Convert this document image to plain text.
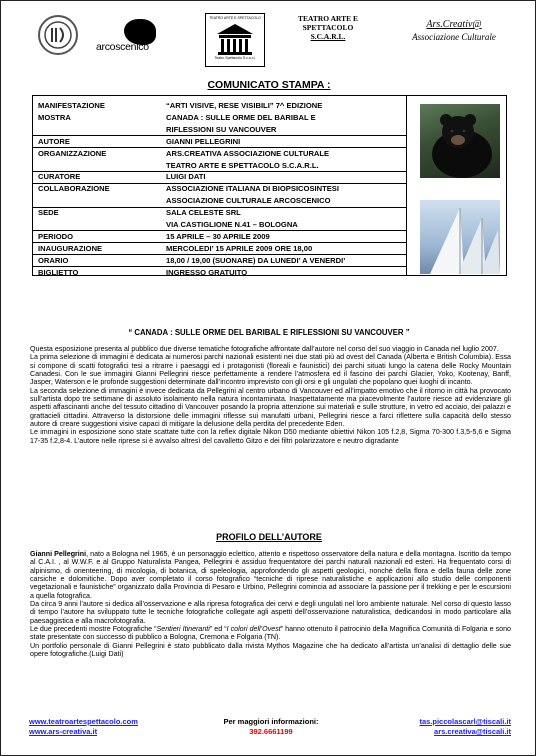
arcoscenico
TEATRO ARTE E SPETTACOLO
Teatro Spettacolo S.c.a.r.l.
TEATRO ARTE E
SPETTACOLO
S.C.A.R.L.
Ars.Creativ@
Associazione Culturale
COMUNICATO STAMPA :
MANIFESTAZIONE	“ARTI VISIVE, RESE VISIBILI” 7^ EDIZIONE
MOSTRA	CANADA : SULLE ORME DEL BARIBAL E
RIFLESSIONI SU VANCOUVER
AUTORE	GIANNI PELLEGRINI
ORGANIZZAZIONE	ARS.CREATIVA ASSOCIAZIONE CULTURALE
TEATRO ARTE E SPETTACOLO S.C.A.R.L.
CURATORE	LUIGI DATI
COLLABORAZIONE	ASSOCIAZIONE ITALIANA DI BIOPSICOSINTESI
ASSOCIAZIONE CULTURALE ARCOSCENICO
SEDE	SALA CELESTE SRL
VIA CASTIGLIONE N.41 – BOLOGNA
PERIODO	15 APRILE – 30 APRILE 2009
INAUGURAZIONE	MERCOLEDI’ 15 APRILE 2009 ORE 18,00
ORARIO	18,00 / 19,00 (SUONARE) DA LUNEDI’ A VENERDI’
BIGLIETTO	INGRESSO GRATUITO
“ CANADA : SULLE ORME DEL BARIBAL E RIFLESSIONI SU VANCOUVER ”

Questa esposizione presenta al pubblico due diverse tematiche fotografiche affrontate dall’autore nel corso del suo viaggio in Canada nel luglio 2007.

La prima selezione di immagini è dedicata ai numerosi parchi nazionali esistenti nei due stati più ad ovest del Canada (Alberta e British Columbia). Essa si compone di scatti fotografici tesi a ritrarre i paesaggi ed i protagonisti (floreali e faunistici) dei parchi situati lungo la catena delle Rocky Mountain Canadesi. Con le sue immagini Gianni Pellegrini riesce perfettamente a rendere l’atmosfera ed il fascino dei parchi Glacier, Yoko, Kootenay, Banff, Jasper, Waterson e le profonde suggestioni determinate dall’incontro imprevisto con gli orsi e gli ungulati che popolano quei luoghi di incanto.

La seconda selezione di immagini è invece dedicata da Pellegrini al centro urbano di Vancouver ed all’impatto emotivo che il ritorno in città ha provocato sull’artista dopo tre settimane di assoluto isolamento nella natura incontaminata. Inaspettatamente ma piacevolmente l’autore riesce ad evidenziare gli aspetti affascinanti anche del tessuto cittadino di Vancouver posando la propria attenzione sui materiali e sulle strutture, in vetro ed acciaio, dei palazzi e grattacieli cittadini. Attraverso la distorsione delle immagini riflesse sui manufatti urbani, Pellegrini riesce a farci riflettere sulla capacità dello stesso autore di creare suggestioni visive capaci di mitigare la delusione della perdita del precedente Eden.

Le immagini in esposizione sono state scattate tutte con la reflex digitale Nikon D50 mediante obiettivi Nikon 105 f.2,8, Sigma 70-300 f.3,5-5,6 e Sigma 17-35 f.2,8-4. L’autore nelle riprese si è avvalso altresì del cavalletto Gitzo e dei filtri polarizzatore e neutro digradante

PROFILO DELL’AUTORE

Gianni Pellegrini, nato a Bologna nel 1965, è un personaggio eclettico, attento e rispettoso osservatore della natura e della montagna. Iscritto da tempo al C.A.I. , al W.W.F. e al Gruppo Naturalista Pangea, Pellegrini è assiduo frequentatore dei parchi naturali nazionali ed esteri. Ha frequentato corsi di alpinismo, di orienteering, di micologia, di botanica, di speleologia, approfondendo gli aspetti geologici, nonché della flora e della fauna delle zone carsiche e dolomitiche. Dopo aver completato il corso fotografico “tecniche di riprese naturalistiche e applicazioni allo studio delle componenti vegetazionali e faunistiche” organizzato dalla Provincia di Pesaro e Urbino, Pellegrini comincia ad associare la passione per il trekking e per le escursioni a quella fotografica.

Da circa 9 anni l’autore si dedica all’osservazione e alla ripresa fotografica dei cervi e degli ungulati nel loro ambiente naturale. Nel corso di questo lasso di tempo l’autore ha sviluppato tutte le tecniche fotografiche collegate agli aspetti dell’osservazione naturalistica, dedicandosi in modo particolare alla paesaggistica e alla macrofotografia.

Le due precedenti mostre Fotografiche “Sentieri Itineranti” ed “I colori dell’Ovest” hanno ottenuto il patrocinio della Magnifica Comunità di Folgaria e sono state presentate con successo di pubblico a Bologna, Cremona e Folgaria (TN).

Un portfolio personale di Gianni Pellegrini è stato pubblicato dalla rivista Mythos Magazine che ha dedicato all’artista un’analisi di dettaglio delle sue opere fotografiche.(Luigi Dati)

www.teatroartespettacolo.com
www.ars-creativa.it
Per maggiori informazioni:
392.6661199
tas.piccolascarl@tiscali.it
ars.creativa@tiscali.it
